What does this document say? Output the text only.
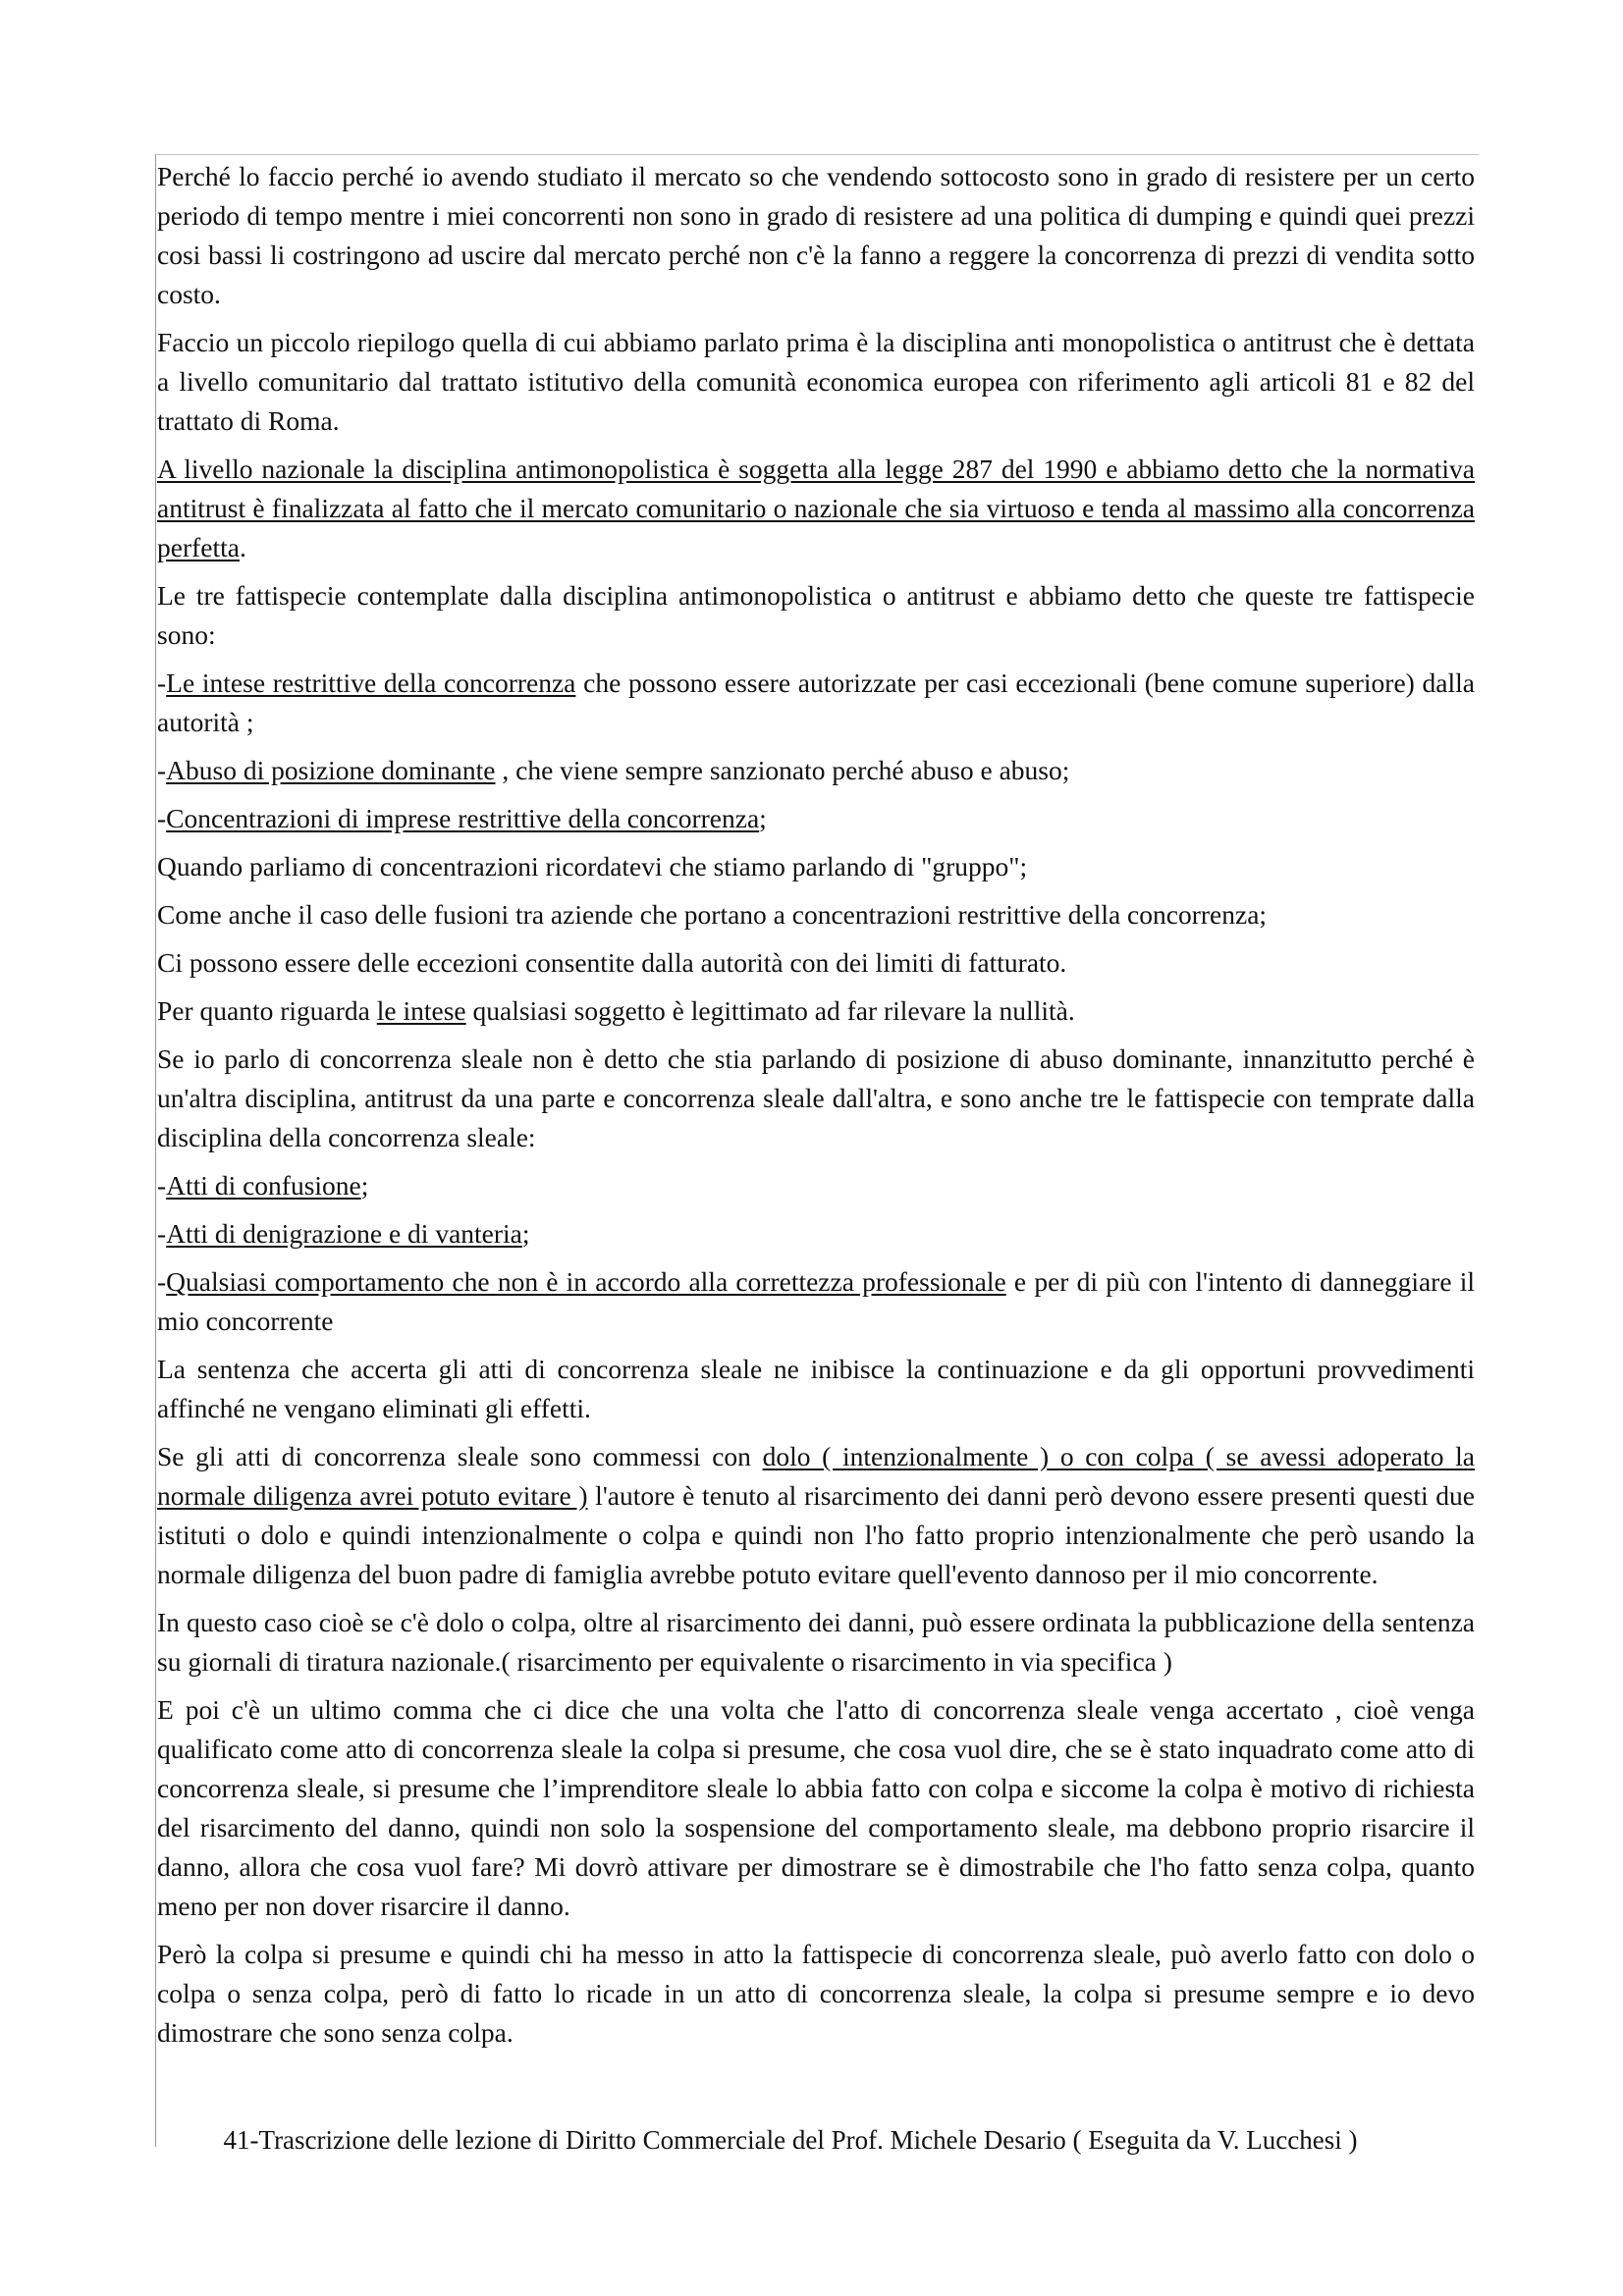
Perché lo faccio perché io avendo studiato il mercato so che vendendo sottocosto sono in grado di resistere per un certo periodo di tempo mentre i miei concorrenti non sono in grado di resistere ad una politica di dumping e quindi quei prezzi cosi bassi li costringono ad uscire dal mercato perché non c'è la fanno a reggere la concorrenza di prezzi di vendita sotto costo.

Faccio un piccolo riepilogo quella di cui abbiamo parlato prima è la disciplina anti monopolistica o antitrust che è dettata a livello comunitario dal trattato istitutivo della comunità economica europea con riferimento agli articoli 81 e 82 del trattato di Roma.

A livello nazionale la disciplina antimonopolistica è soggetta alla legge 287 del 1990 e abbiamo detto che la normativa antitrust è finalizzata al fatto che il mercato comunitario o nazionale che sia virtuoso e tenda al massimo alla concorrenza perfetta.

Le tre fattispecie contemplate dalla disciplina antimonopolistica o antitrust e abbiamo detto che queste tre fattispecie sono:

-Le intese restrittive della concorrenza che possono essere autorizzate per casi eccezionali (bene comune superiore) dalla autorità ;

-Abuso di posizione dominante , che viene sempre sanzionato perché abuso e abuso;

-Concentrazioni di imprese restrittive della concorrenza;

Quando parliamo di concentrazioni ricordatevi che stiamo parlando di "gruppo";

Come anche il caso delle fusioni tra aziende che portano a concentrazioni restrittive della concorrenza;

Ci possono essere delle eccezioni consentite dalla autorità con dei limiti di fatturato.

Per quanto riguarda le intese qualsiasi soggetto è legittimato ad far rilevare la nullità.

Se io parlo di concorrenza sleale non è detto che stia parlando di posizione di abuso dominante, innanzitutto perché è un'altra disciplina, antitrust da una parte e concorrenza sleale dall'altra, e sono anche tre le fattispecie con temprate dalla disciplina della concorrenza sleale:

-Atti di confusione;

-Atti di denigrazione e di vanteria;

-Qualsiasi comportamento che non è in accordo alla correttezza professionale e per di più con l'intento di danneggiare il mio concorrente

La sentenza che accerta gli atti di concorrenza sleale ne inibisce la continuazione e da gli opportuni provvedimenti affinché ne vengano eliminati gli effetti.

Se gli atti di concorrenza sleale sono commessi con dolo ( intenzionalmente ) o con colpa ( se avessi adoperato la normale diligenza avrei potuto evitare ) l'autore è tenuto al risarcimento dei danni però devono essere presenti questi due istituti o dolo e quindi intenzionalmente o colpa e quindi non l'ho fatto proprio intenzionalmente che però usando la normale diligenza del buon padre di famiglia avrebbe potuto evitare quell'evento dannoso per il mio concorrente.

In questo caso cioè se c'è dolo o colpa, oltre al risarcimento dei danni, può essere ordinata la pubblicazione della sentenza su giornali di tiratura nazionale.( risarcimento per equivalente o risarcimento in via specifica )

E poi c'è un ultimo comma che ci dice che una volta che l'atto di concorrenza sleale venga accertato , cioè venga qualificato come atto di concorrenza sleale la colpa si presume, che cosa vuol dire, che se è stato inquadrato come atto di concorrenza sleale, si presume che l’imprenditore sleale lo abbia fatto con colpa e siccome la colpa è motivo di richiesta del risarcimento del danno, quindi non solo la sospensione del comportamento sleale, ma debbono proprio risarcire il danno, allora che cosa vuol fare? Mi dovrò attivare per dimostrare se è dimostrabile che l'ho fatto senza colpa, quanto meno per non dover risarcire il danno.

Però la colpa si presume e quindi chi ha messo in atto la fattispecie di concorrenza sleale, può averlo fatto con dolo o colpa o senza colpa, però di fatto lo ricade in un atto di concorrenza sleale, la colpa si presume sempre e io devo dimostrare che sono senza colpa.

41-Trascrizione delle lezione di Diritto Commerciale del Prof. Michele Desario ( Eseguita da V. Lucchesi )
